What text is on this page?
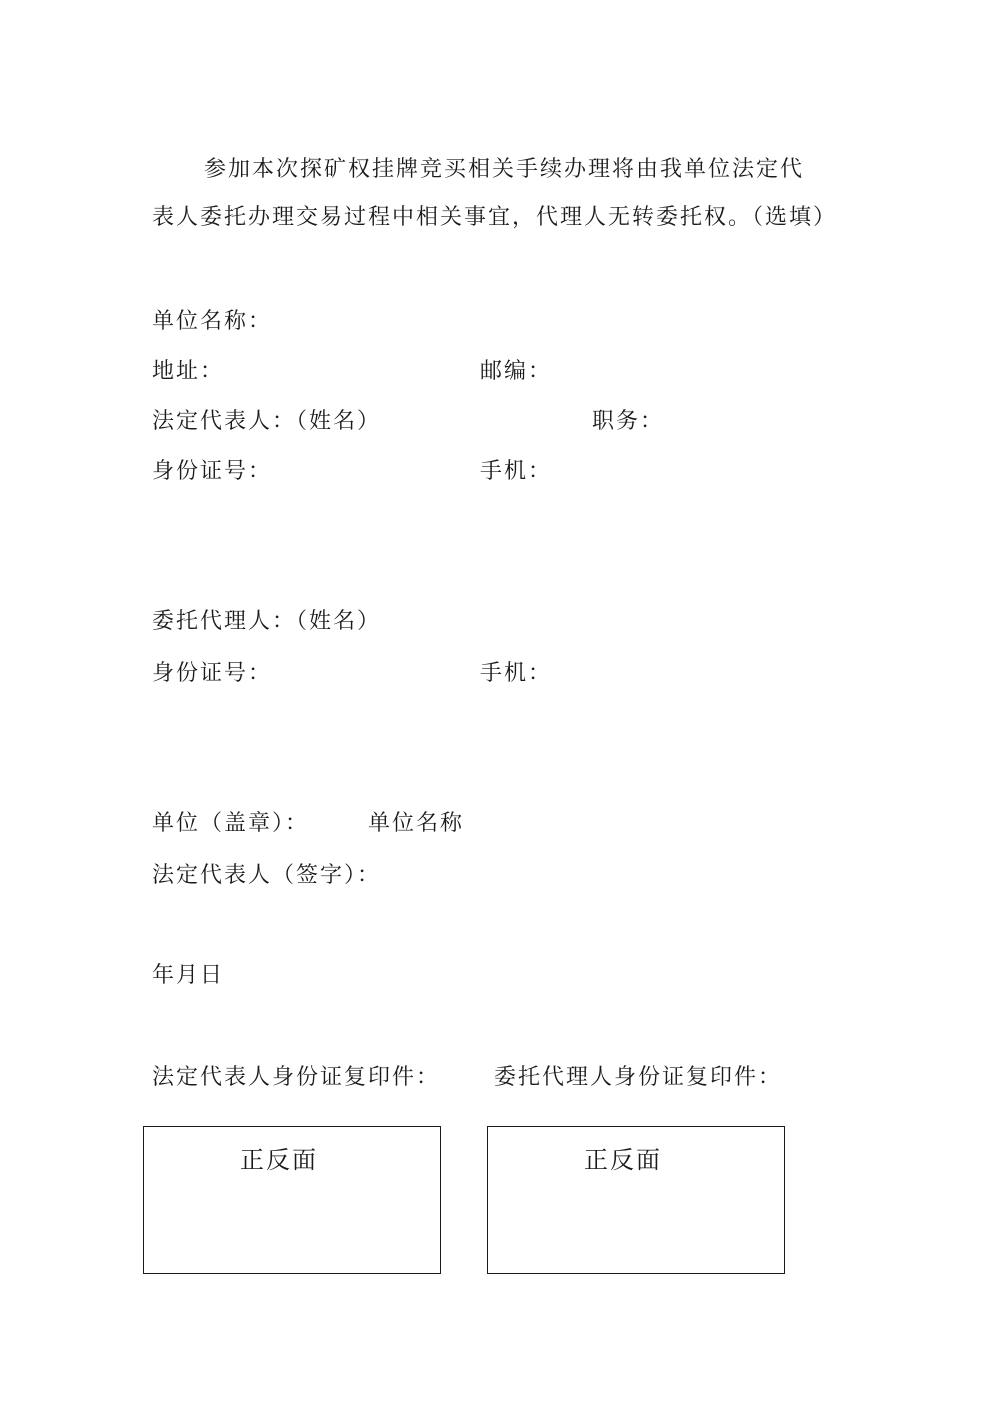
参加本次探矿权挂牌竞买相关手续办理将由我单位法定代
表人委托办理交易过程中相关事宜，代理人无转委托权。（选填）
单位名称：
地址：	邮编：
法定代表人：（姓名）	职务：
身份证号：	手机：
委托代理人：（姓名）
身份证号：	手机：
单位（盖章）：	单位名称
法定代表人（签字）：
年月日
法定代表人身份证复印件： 委托代理人身份证复印件：
正反面	正反面
